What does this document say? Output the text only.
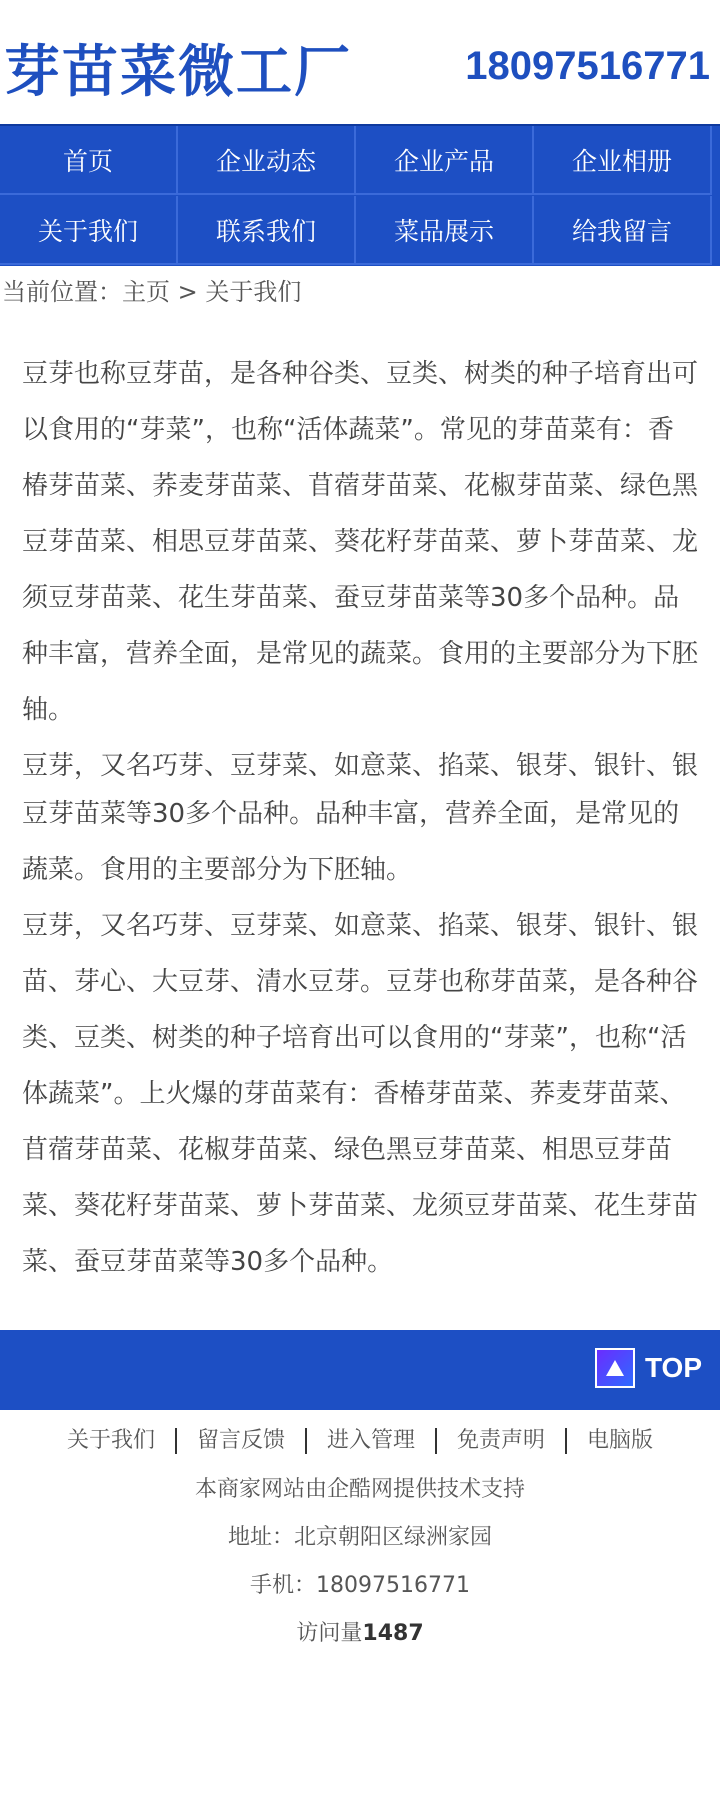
芽苗菜微工厂	18097516771
首页	企业动态	企业产品	企业相册
关于我们	联系我们	菜品展示	给我留言
当前位置：主页 > 关于我们

豆芽也称豆芽苗，是各种谷类、豆类、树类的种子培育出可以食用的“芽菜”，也称“活体蔬菜”。常见的芽苗菜有：香椿芽苗菜、荞麦芽苗菜、苜蓿芽苗菜、花椒芽苗菜、绿色黑豆芽苗菜、相思豆芽苗菜、葵花籽芽苗菜、萝卜芽苗菜、龙须豆芽苗菜、花生芽苗菜、蚕豆芽苗菜等30多个品种。品种丰富，营养全面，是常见的蔬菜。食用的主要部分为下胚轴。

豆芽，又名巧芽、豆芽菜、如意菜、掐菜、银芽、银针、银

豆芽苗菜等30多个品种。品种丰富，营养全面，是常见的蔬菜。食用的主要部分为下胚轴。

豆芽，又名巧芽、豆芽菜、如意菜、掐菜、银芽、银针、银苗、芽心、大豆芽、清水豆芽。豆芽也称芽苗菜，是各种谷类、豆类、树类的种子培育出可以食用的“芽菜”，也称“活体蔬菜”。上火爆的芽苗菜有：香椿芽苗菜、荞麦芽苗菜、苜蓿芽苗菜、花椒芽苗菜、绿色黑豆芽苗菜、相思豆芽苗菜、葵花籽芽苗菜、萝卜芽苗菜、龙须豆芽苗菜、花生芽苗菜、蚕豆芽苗菜等30多个品种。

TOP
关于我们 留言反馈 进入管理 免责声明 电脑版
本商家网站由企酷网提供技术支持
地址：北京朝阳区绿洲家园
手机：18097516771
访问量1487
